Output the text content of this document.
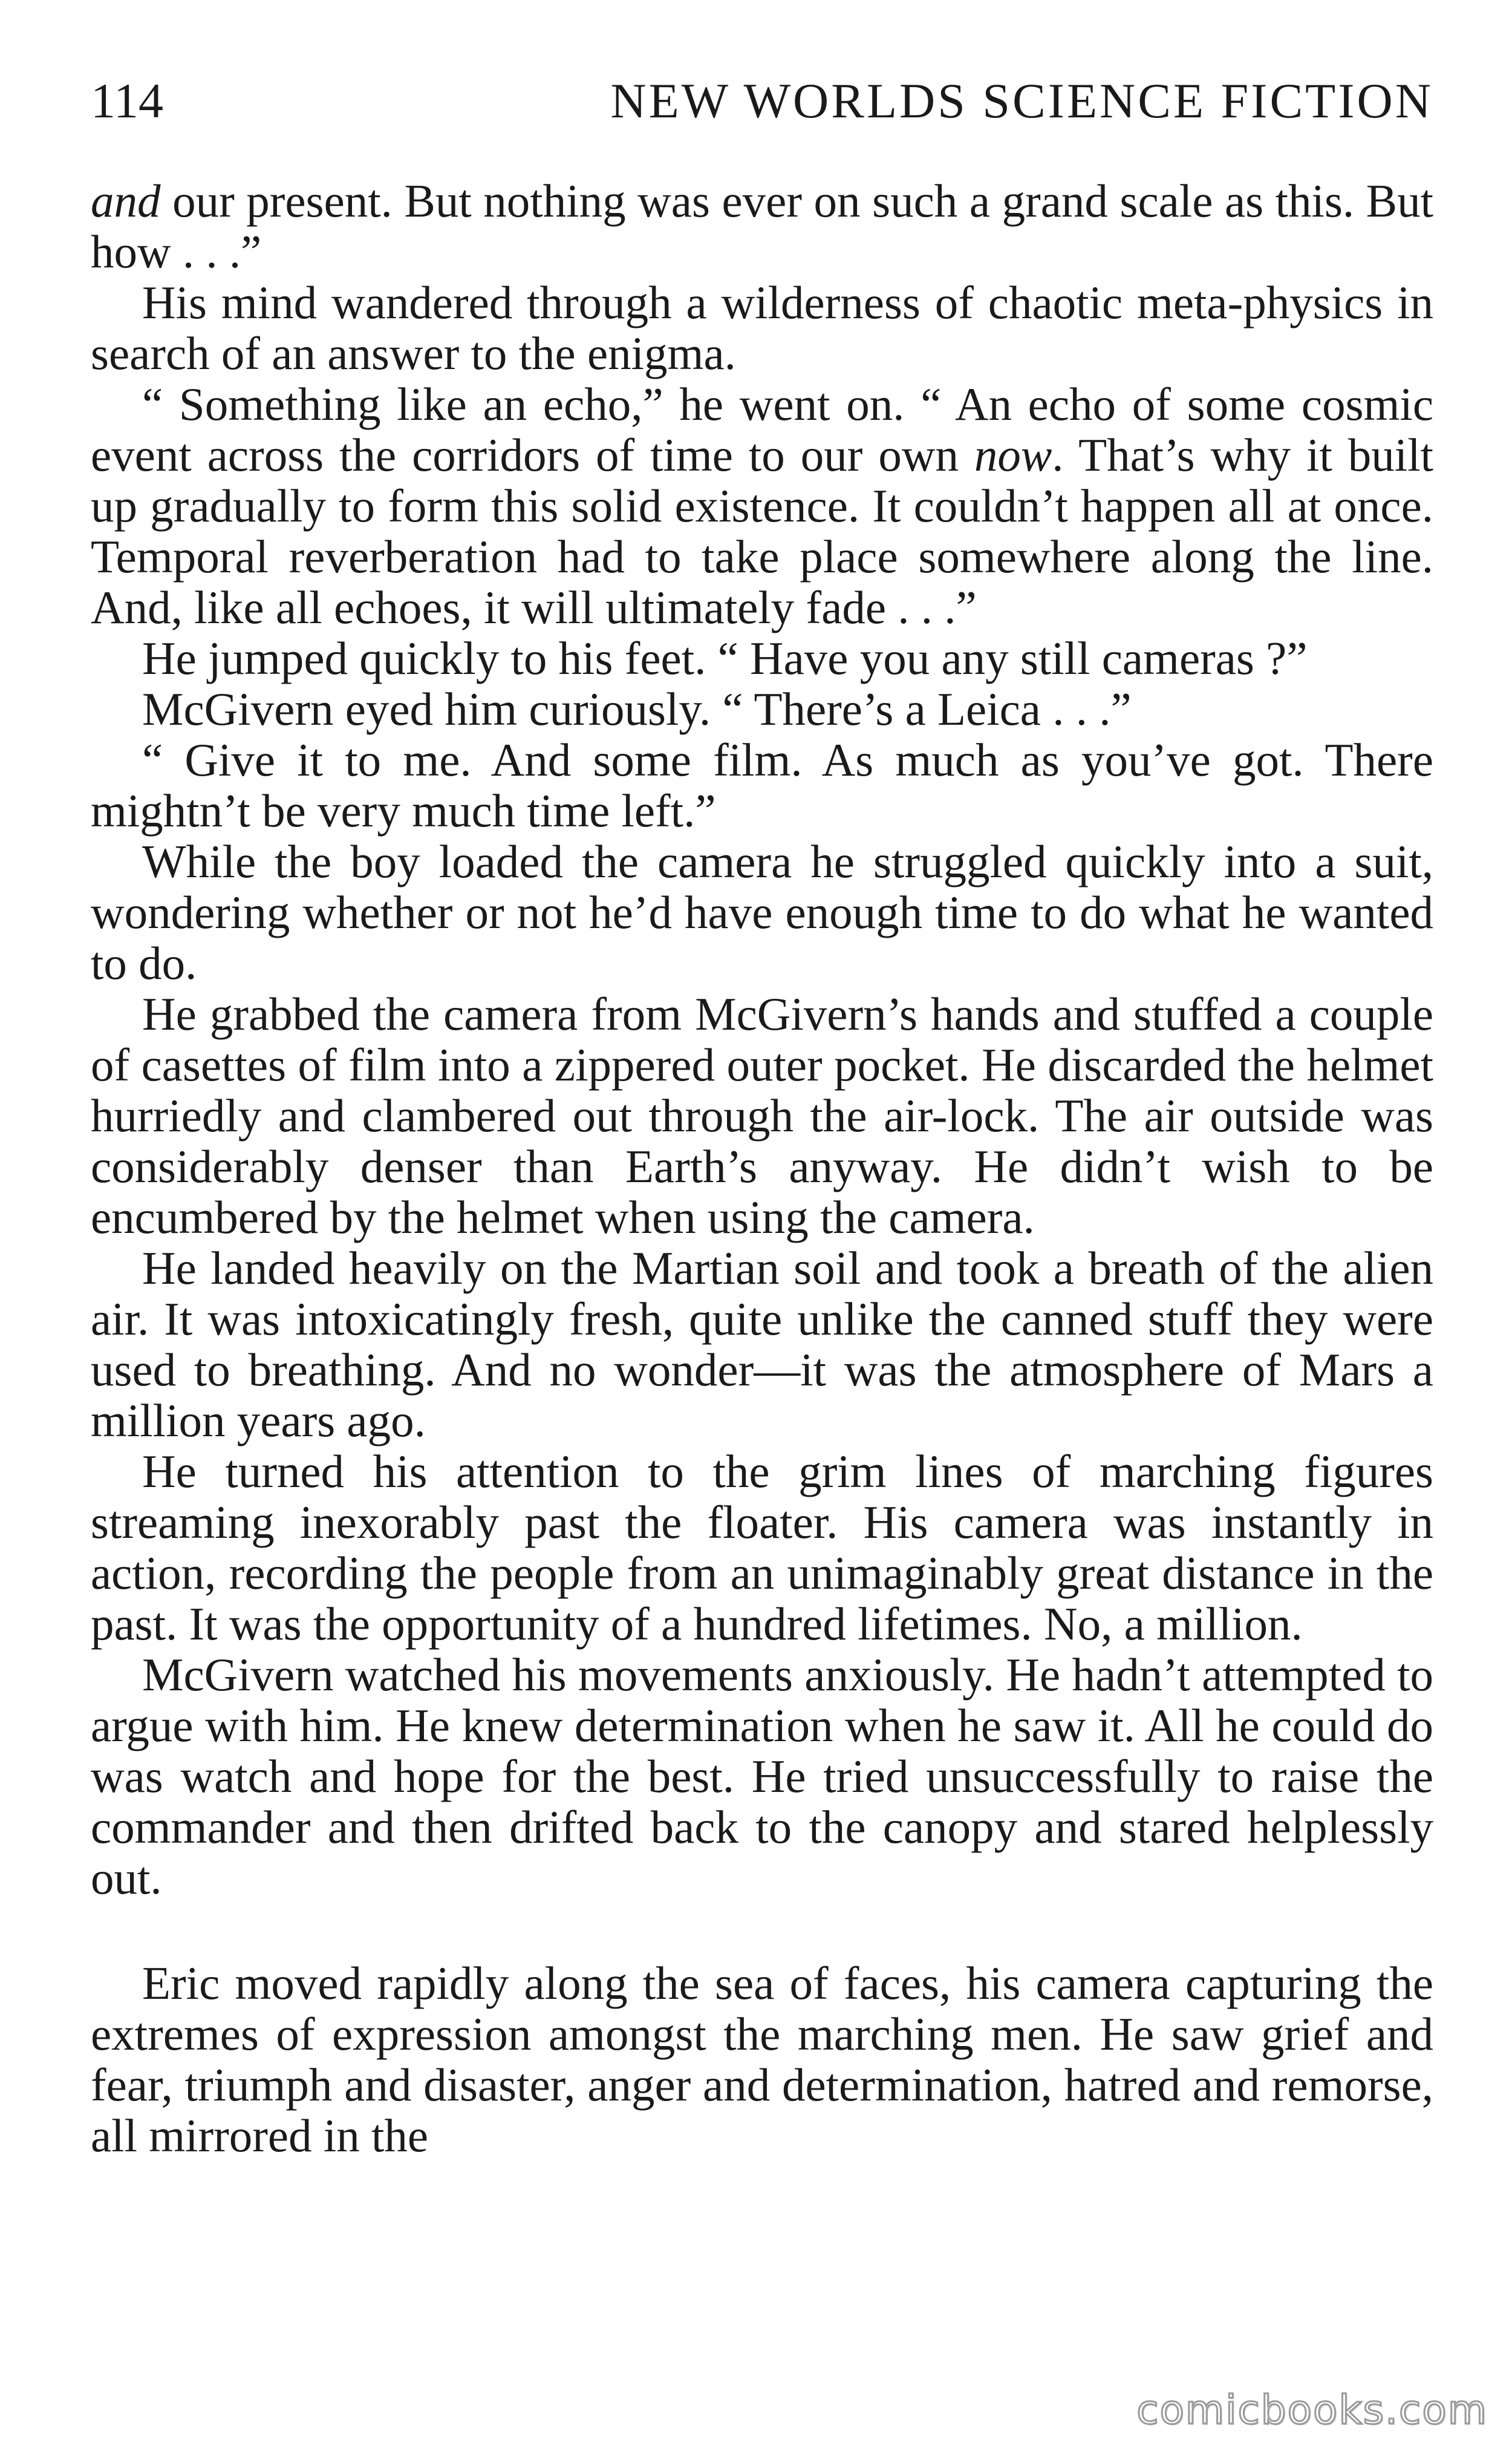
114	NEW WORLDS SCIENCE FICTION

and our present. But nothing was ever on such a grand scale as this. But how . . .”

His mind wandered through a wilderness of chaotic meta-physics in search of an answer to the enigma.

“ Something like an echo,” he went on. “ An echo of some cosmic event across the corridors of time to our own now. That’s why it built up gradually to form this solid existence. It couldn’t happen all at once. Temporal reverberation had to take place somewhere along the line. And, like all echoes, it will ultimately fade . . .”

He jumped quickly to his feet. “ Have you any still cameras ?”

McGivern eyed him curiously. “ There’s a Leica . . .”

“ Give it to me. And some film. As much as you’ve got. There mightn’t be very much time left.”

While the boy loaded the camera he struggled quickly into a suit, wondering whether or not he’d have enough time to do what he wanted to do.

He grabbed the camera from McGivern’s hands and stuffed a couple of casettes of film into a zippered outer pocket. He discarded the helmet hurriedly and clambered out through the air-lock. The air outside was considerably denser than Earth’s anyway. He didn’t wish to be encumbered by the helmet when using the camera.

He landed heavily on the Martian soil and took a breath of the alien air. It was intoxicatingly fresh, quite unlike the canned stuff they were used to breathing. And no wonder—it was the atmosphere of Mars a million years ago.

He turned his attention to the grim lines of marching figures streaming inexorably past the floater. His camera was instantly in action, recording the people from an unimaginably great distance in the past. It was the opportunity of a hundred lifetimes. No, a million.

McGivern watched his movements anxiously. He hadn’t attempted to argue with him. He knew determination when he saw it. All he could do was watch and hope for the best. He tried unsuccessfully to raise the commander and then drifted back to the canopy and stared helplessly out.

Eric moved rapidly along the sea of faces, his camera capturing the extremes of expression amongst the marching men. He saw grief and fear, triumph and disaster, anger and determination, hatred and remorse, all mirrored in the

comicbooks.com
